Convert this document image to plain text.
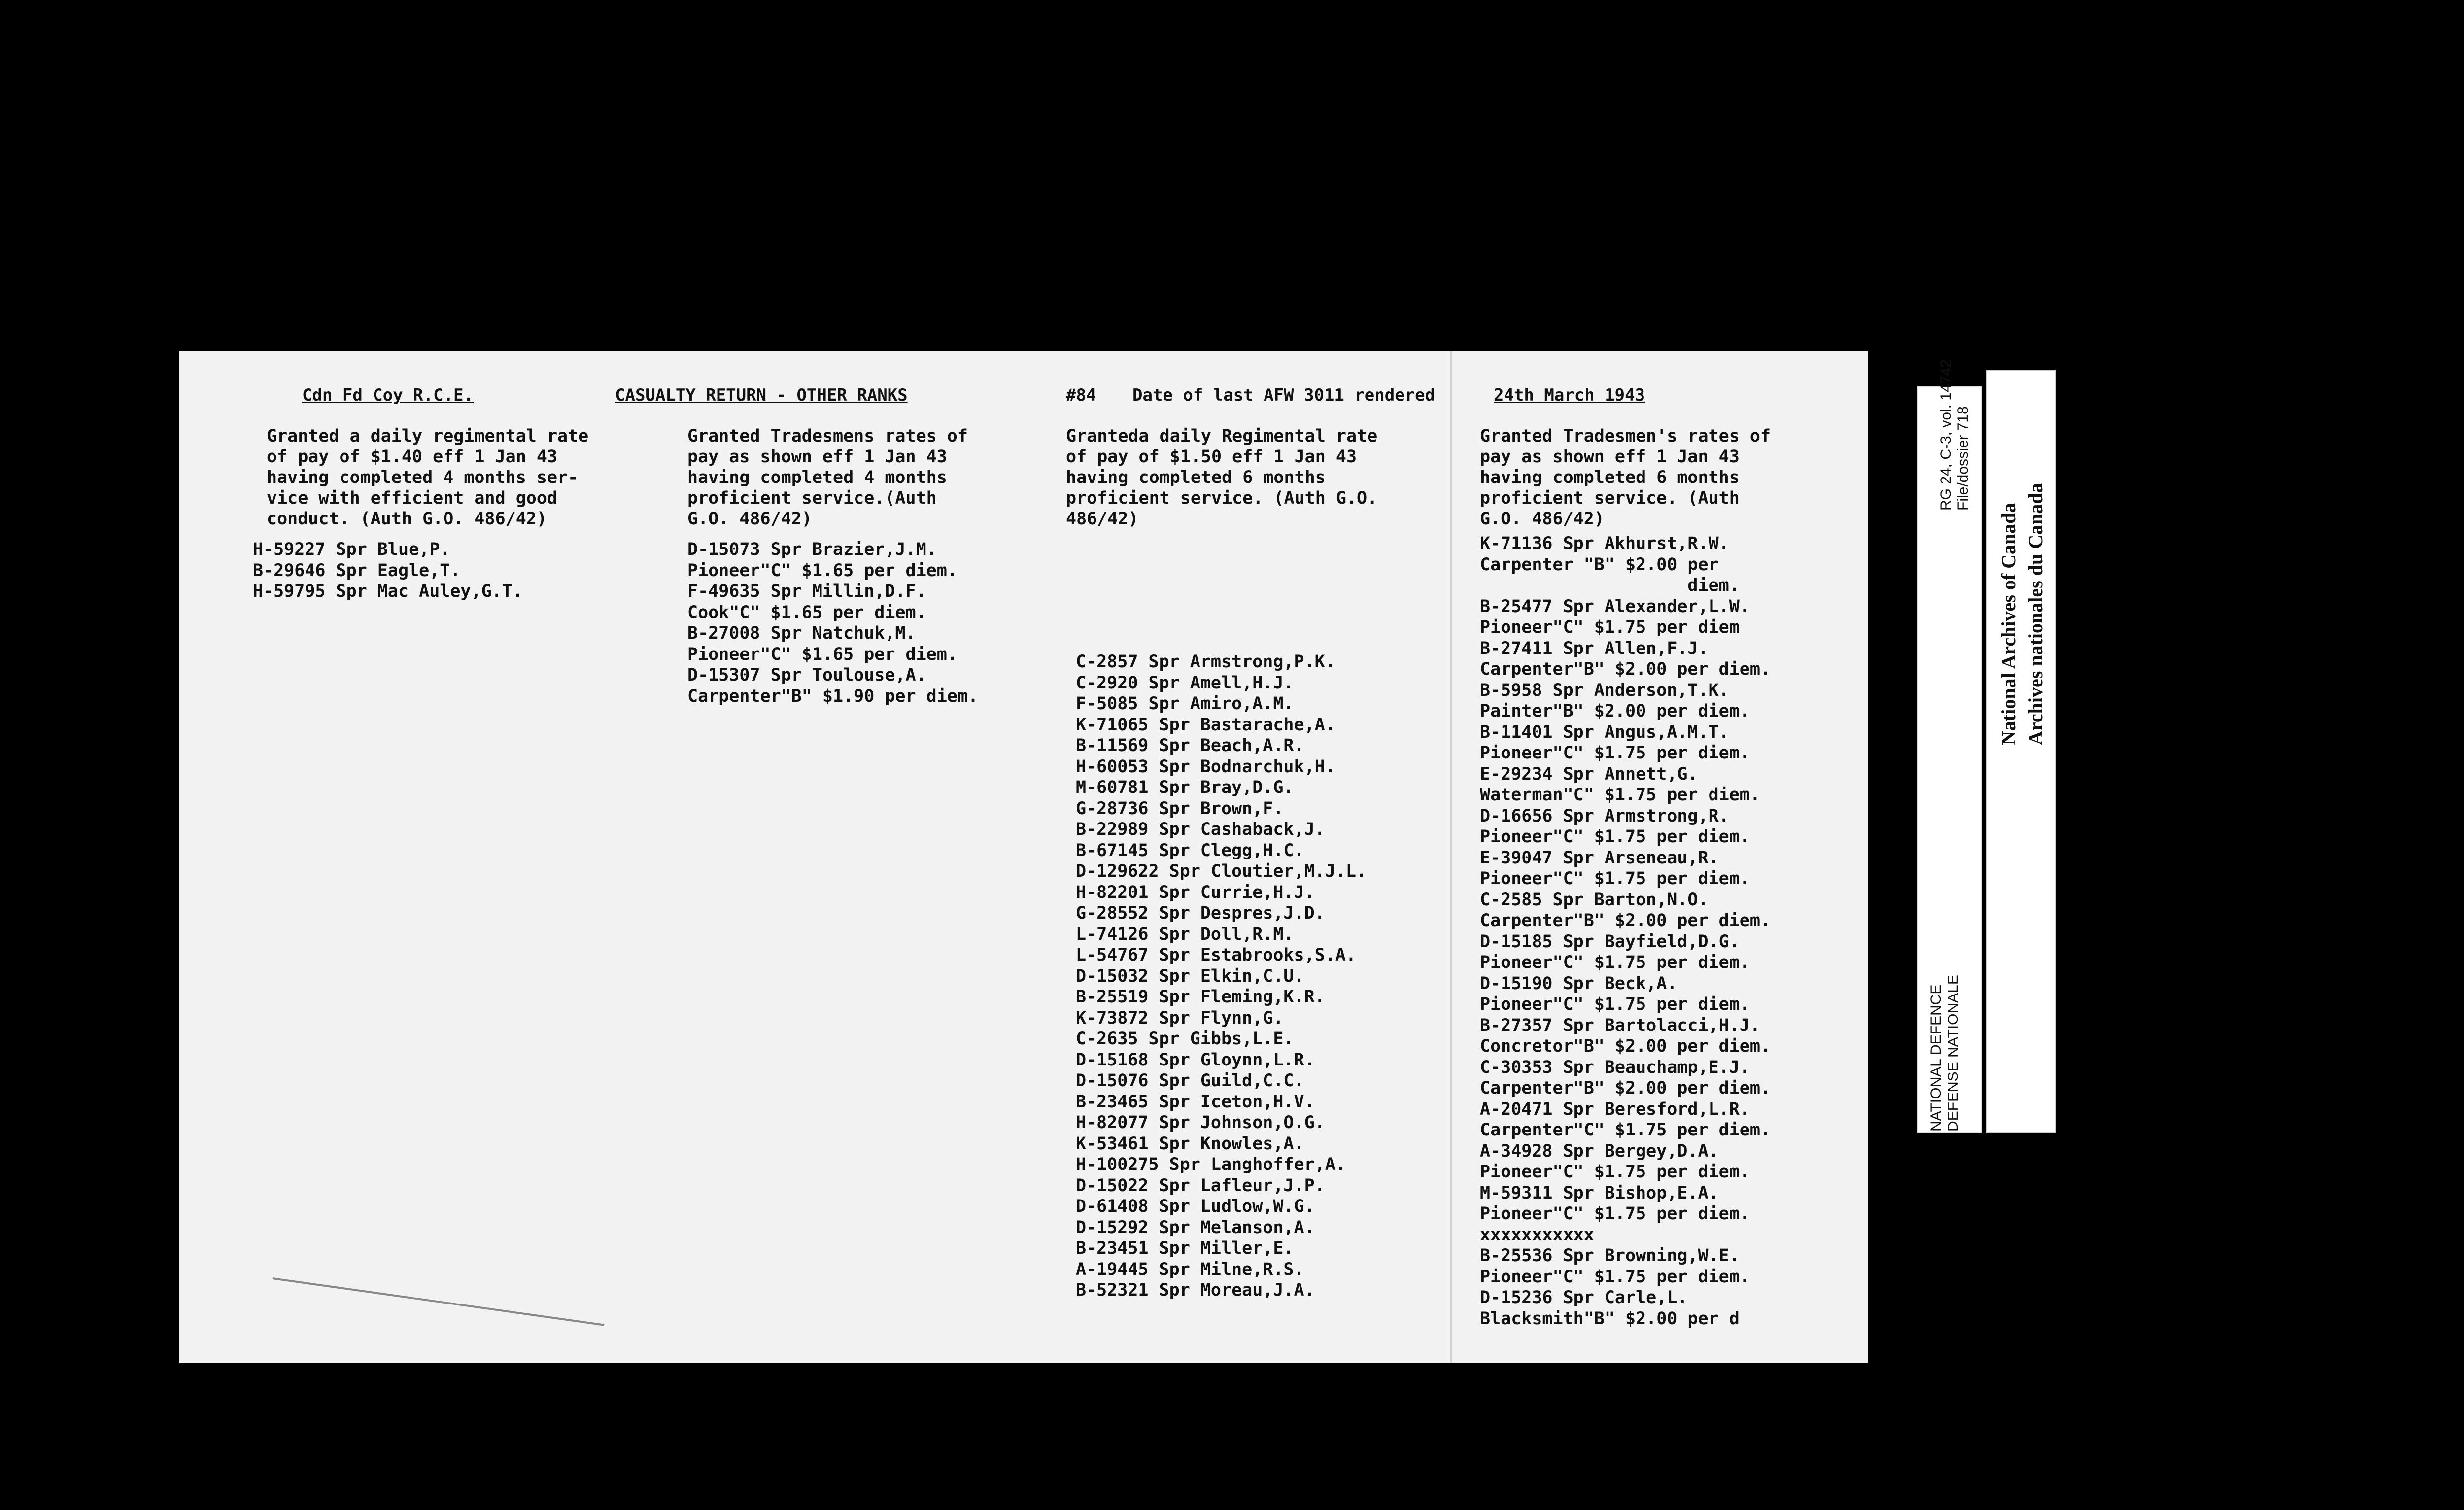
Cdn Fd Coy R.C.E.	CASUALTY RETURN - OTHER RANKS	#84 Date of last AFW 3011 rendered	24th March 1943
Granted a daily regimental rate
of pay of $1.40 eff 1 Jan 43
having completed 4 months ser-
vice with efficient and good
conduct. (Auth G.O. 486/42)
Granted Tradesmens rates of
pay as shown eff 1 Jan 43
having completed 4 months
proficient service.(Auth
G.O. 486/42)
Granteda daily Regimental rate
of pay of $1.50 eff 1 Jan 43
having completed 6 months
proficient service. (Auth G.O.
486/42)
Granted Tradesmen's rates of
pay as shown eff 1 Jan 43
having completed 6 months
proficient service. (Auth
G.O. 486/42)
H-59227 Spr Blue,P.
B-29646 Spr Eagle,T.
H-59795 Spr Mac Auley,G.T.
D-15073 Spr Brazier,J.M.
Pioneer"C" $1.65 per diem.
F-49635 Spr Millin,D.F.
Cook"C" $1.65 per diem.
B-27008 Spr Natchuk,M.
Pioneer"C" $1.65 per diem.
D-15307 Spr Toulouse,A.
Carpenter"B" $1.90 per diem.
C-2857 Spr Armstrong,P.K.
C-2920 Spr Amell,H.J.
F-5085 Spr Amiro,A.M.
K-71065 Spr Bastarache,A.
B-11569 Spr Beach,A.R.
H-60053 Spr Bodnarchuk,H.
M-60781 Spr Bray,D.G.
G-28736 Spr Brown,F.
B-22989 Spr Cashaback,J.
B-67145 Spr Clegg,H.C.
D-129622 Spr Cloutier,M.J.L.
H-82201 Spr Currie,H.J.
G-28552 Spr Despres,J.D.
L-74126 Spr Doll,R.M.
L-54767 Spr Estabrooks,S.A.
D-15032 Spr Elkin,C.U.
B-25519 Spr Fleming,K.R.
K-73872 Spr Flynn,G.
C-2635 Spr Gibbs,L.E.
D-15168 Spr Gloynn,L.R.
D-15076 Spr Guild,C.C.
B-23465 Spr Iceton,H.V.
H-82077 Spr Johnson,O.G.
K-53461 Spr Knowles,A.
H-100275 Spr Langhoffer,A.
D-15022 Spr Lafleur,J.P.
D-61408 Spr Ludlow,W.G.
D-15292 Spr Melanson,A.
B-23451 Spr Miller,E.
A-19445 Spr Milne,R.S.
B-52321 Spr Moreau,J.A.
K-71136 Spr Akhurst,R.W.
Carpenter "B" $2.00 per
diem.
B-25477 Spr Alexander,L.W.
Pioneer"C" $1.75 per diem
B-27411 Spr Allen,F.J.
Carpenter"B" $2.00 per diem.
B-5958 Spr Anderson,T.K.
Painter"B" $2.00 per diem.
B-11401 Spr Angus,A.M.T.
Pioneer"C" $1.75 per diem.
E-29234 Spr Annett,G.
Waterman"C" $1.75 per diem.
D-16656 Spr Armstrong,R.
Pioneer"C" $1.75 per diem.
E-39047 Spr Arseneau,R.
Pioneer"C" $1.75 per diem.
C-2585 Spr Barton,N.O.
Carpenter"B" $2.00 per diem.
D-15185 Spr Bayfield,D.G.
Pioneer"C" $1.75 per diem.
D-15190 Spr Beck,A.
Pioneer"C" $1.75 per diem.
B-27357 Spr Bartolacci,H.J.
Concretor"B" $2.00 per diem.
C-30353 Spr Beauchamp,E.J.
Carpenter"B" $2.00 per diem.
A-20471 Spr Beresford,L.R.
Carpenter"C" $1.75 per diem.
A-34928 Spr Bergey,D.A.
Pioneer"C" $1.75 per diem.
M-59311 Spr Bishop,E.A.
Pioneer"C" $1.75 per diem.
xxxxxxxxxxx
B-25536 Spr Browning,W.E.
Pioneer"C" $1.75 per diem.
D-15236 Spr Carle,L.
Blacksmith"B" $2.00 per d
NATIONAL DEFENCE DEFENSE NATIONALE
RG 24, C-3, vol. 14742 File/dossier 718
National Archives of Canada Archives nationales du Canada
